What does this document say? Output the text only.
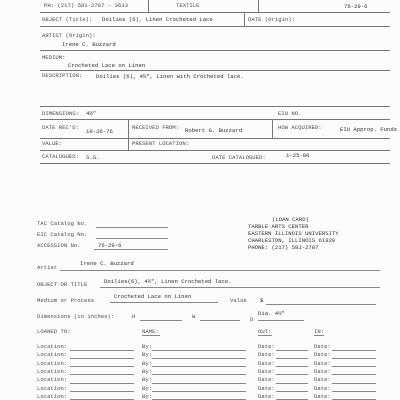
PH: (217) 581-2787 - 3633	TEXTILE	76-29-6
OBJECT (Title): Doilies (6), Linen Crocheted Lace	DATE (Origin):
ARTIST (Origin):
Irene C. Buzzard
MEDIUM:
Crocheted Lace on Linen
DESCRIPTION: Doilies (6), 4½", Linen with Crocheted lace.
DIMENSIONS: 4½"	EIU NO.
DATE REC'D:
10-26-76
RECEIVED FROM: Robert G. Buzzard	HOW ACQUIRED:	EIU Approp. Funds
VALUE:	PRESENT LOCATION:
CATALOGUED: S.S.	DATE CATALOGUED:	1-25-80
(LOAN CARD)
TARBLE ARTS CENTER
EASTERN ILLINOIS UNIVERSITY
CHARLESTON, ILLINOIS 61920
PHONE: (217) 581-2787
TAC Catalog No.
EIC Catalog No.
ACCESSION No.	76-29-6
Artist
Irene C. Buzzard
OBJECT OR TITLE	Doilies(6), 4½", Linen Crocheted lace.
Medium or Process
Crocheted Lace on Linen
Value $
Dimensions (in inches):	H	W	D
Dia. 4½"
LOANED TO:	NAME:	OUT:	IN:
Location:	By:	Date:	Date:
Location:	By:	Date:	Date:
Location:	By:	Date:	Date:
Location:	By:	Date:	Date:
Location:	By:	Date:	Date:
Location:	By:	Date:	Date:
Location:	By:	Date:	Date:
